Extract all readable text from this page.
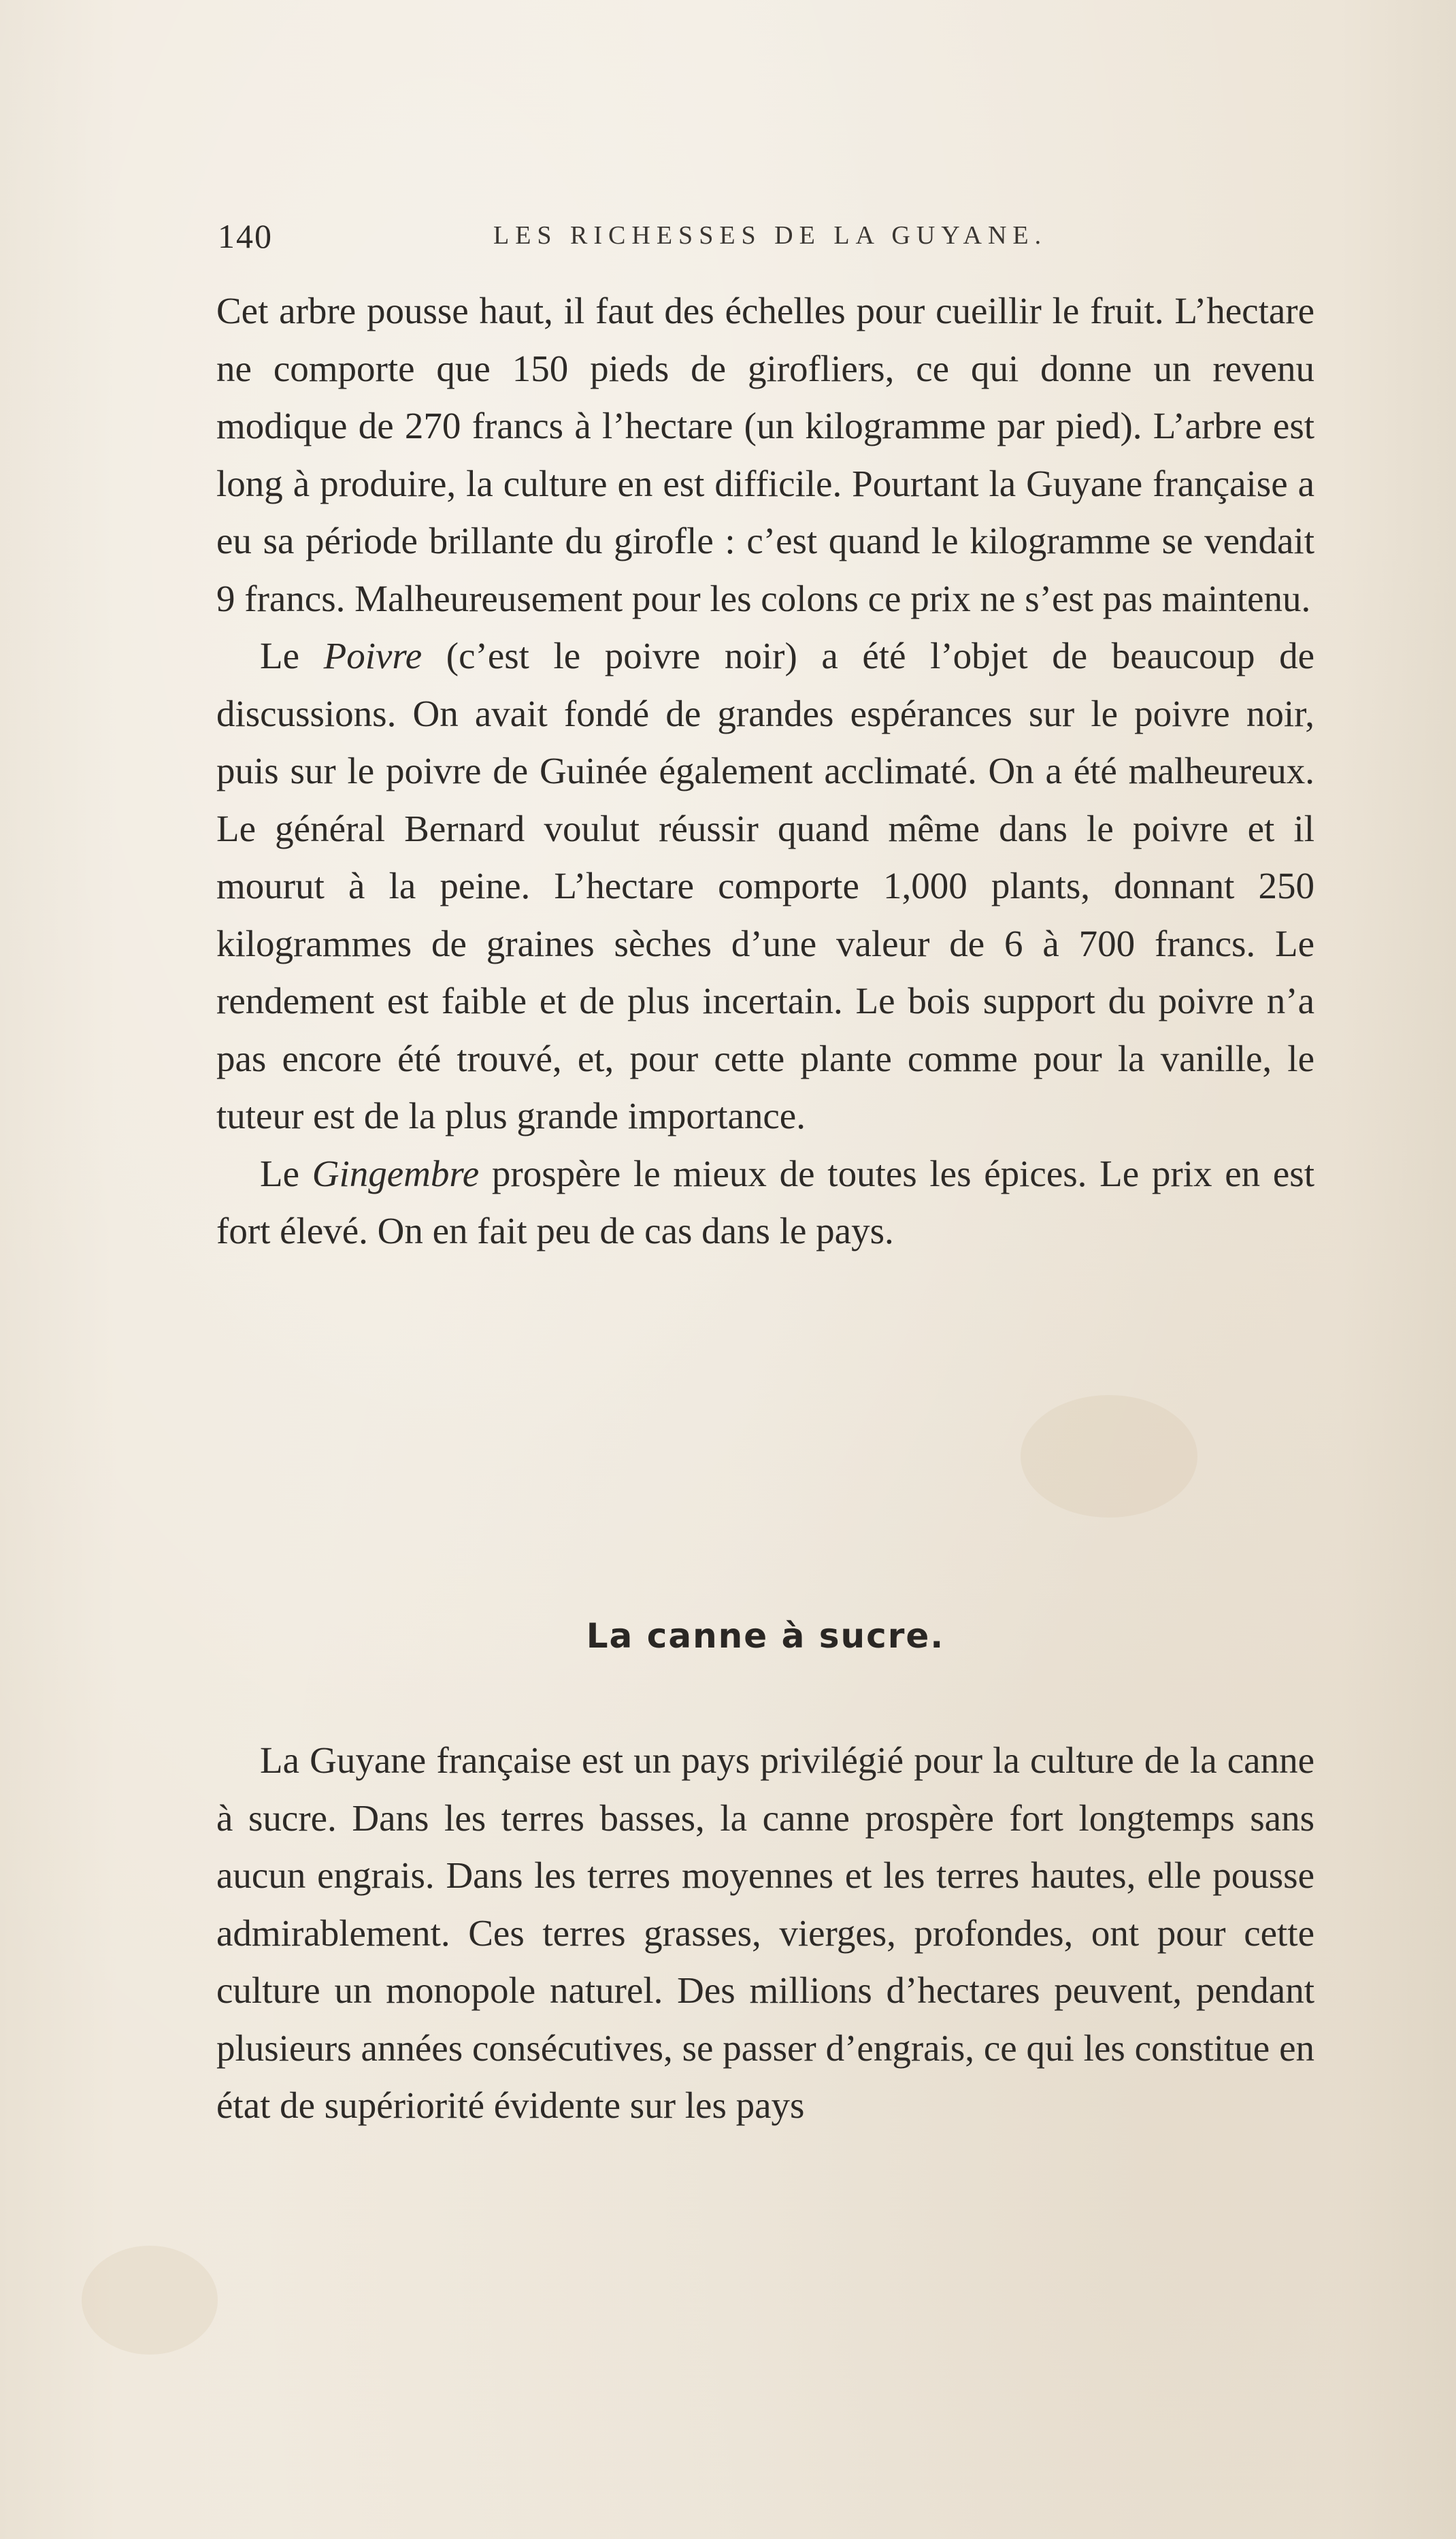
140	LES RICHESSES DE LA GUYANE.

Cet arbre pousse haut, il faut des échelles pour cueillir le fruit. L’hectare ne comporte que 150 pieds de girofliers, ce qui donne un revenu modique de 270 francs à l’hectare (un kilogramme par pied). L’arbre est long à produire, la culture en est difficile. Pourtant la Guyane française a eu sa période brillante du girofle : c’est quand le kilogramme se vendait 9 francs. Malheureusement pour les colons ce prix ne s’est pas maintenu.

Le Poivre (c’est le poivre noir) a été l’objet de beaucoup de discussions. On avait fondé de grandes espérances sur le poivre noir, puis sur le poivre de Guinée également acclimaté. On a été malheureux. Le général Bernard voulut réussir quand même dans le poivre et il mourut à la peine. L’hectare comporte 1,000 plants, donnant 250 kilogrammes de graines sèches d’une valeur de 6 à 700 francs. Le rendement est faible et de plus incertain. Le bois support du poivre n’a pas encore été trouvé, et, pour cette plante comme pour la vanille, le tuteur est de la plus grande importance.

Le Gingembre prospère le mieux de toutes les épices. Le prix en est fort élevé. On en fait peu de cas dans le pays.

La canne à sucre.

La Guyane française est un pays privilégié pour la culture de la canne à sucre. Dans les terres basses, la canne prospère fort longtemps sans aucun engrais. Dans les terres moyennes et les terres hautes, elle pousse admirablement. Ces terres grasses, vierges, profondes, ont pour cette culture un monopole naturel. Des millions d’hectares peuvent, pendant plusieurs années consécutives, se passer d’engrais, ce qui les constitue en état de supériorité évidente sur les pays
